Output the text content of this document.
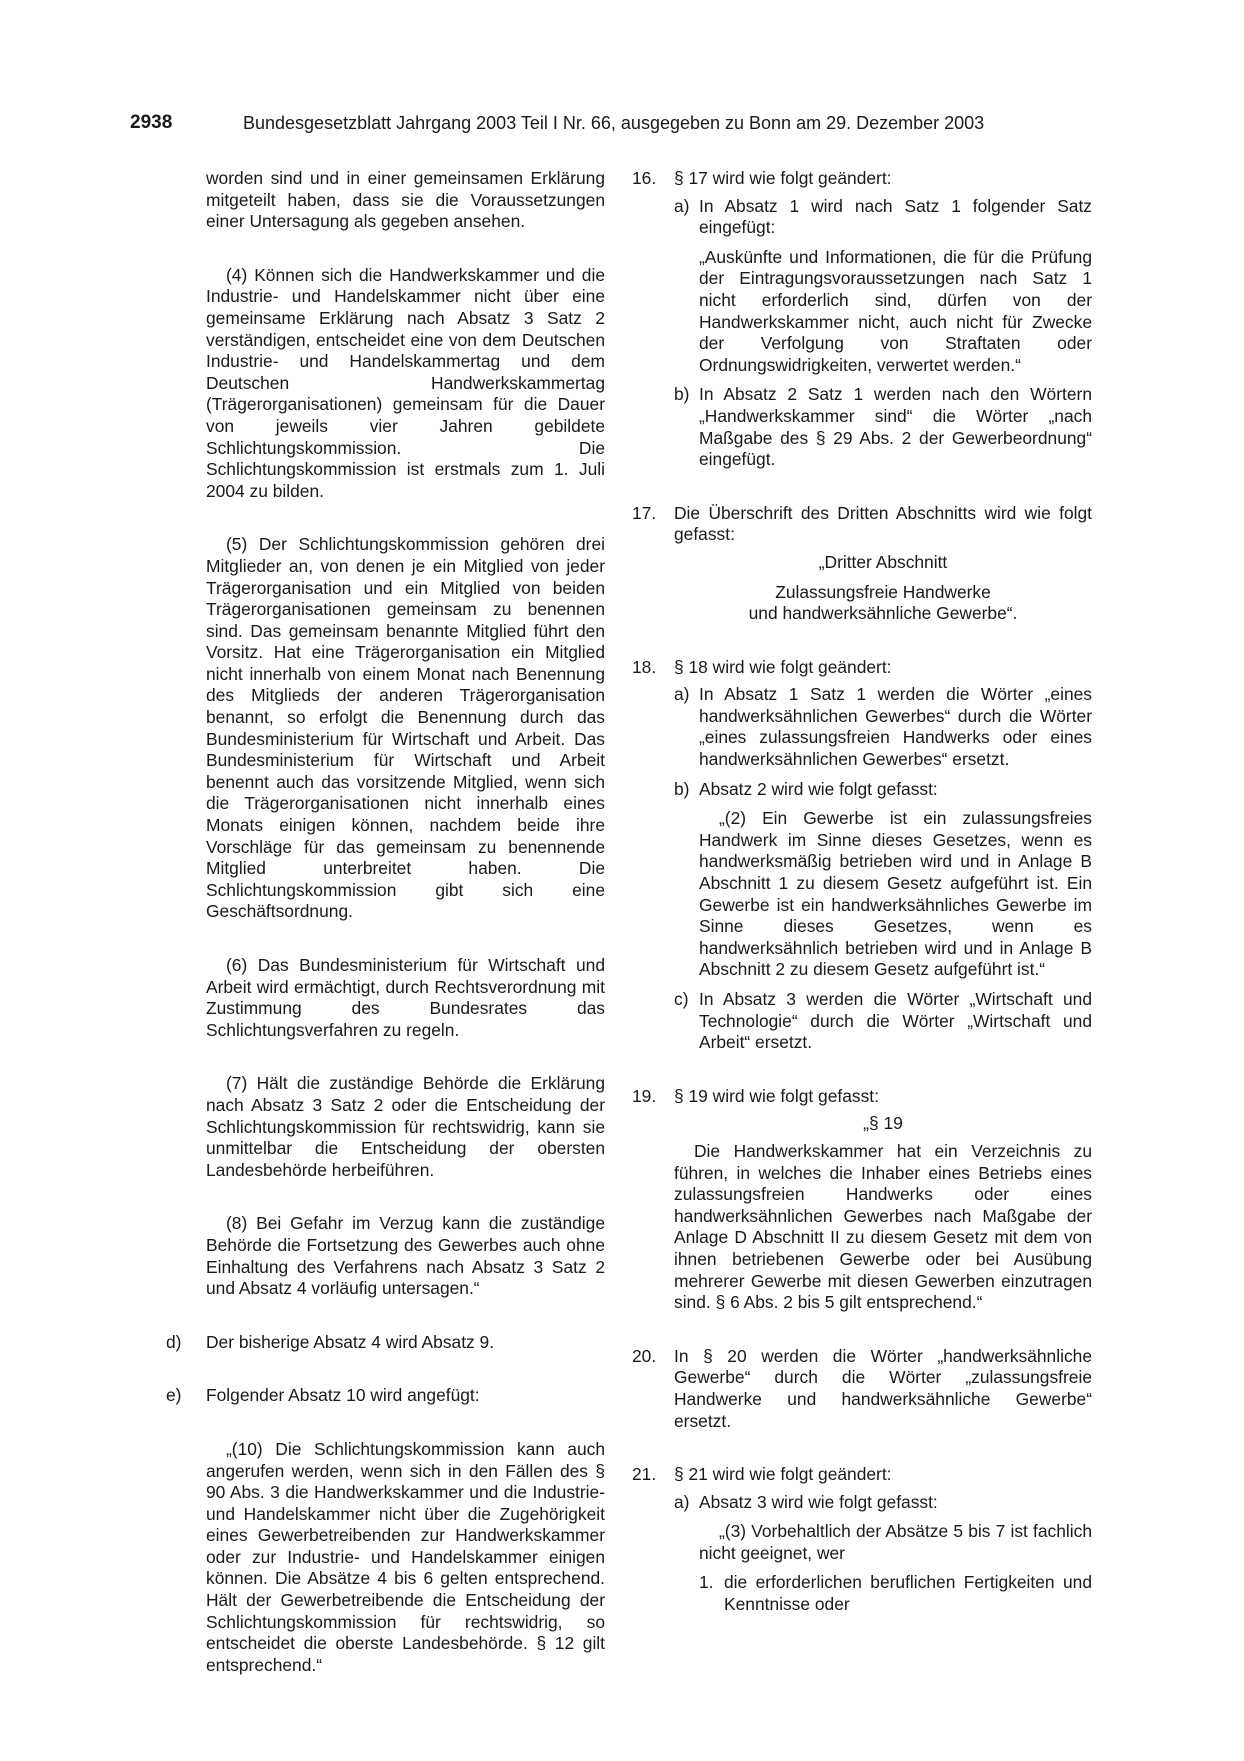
2938	Bundesgesetzblatt Jahrgang 2003 Teil I Nr. 66, ausgegeben zu Bonn am 29. Dezember 2003

worden sind und in einer gemeinsamen Erklärung mitgeteilt haben, dass sie die Voraussetzungen einer Untersagung als gegeben ansehen.

(4) Können sich die Handwerkskammer und die Industrie- und Handelskammer nicht über eine gemeinsame Erklärung nach Absatz 3 Satz 2 verständigen, entscheidet eine von dem Deutschen Industrie- und Handelskammertag und dem Deutschen Handwerkskammertag (Trägerorganisationen) gemeinsam für die Dauer von jeweils vier Jahren gebildete Schlichtungskommission. Die Schlichtungskommission ist erstmals zum 1. Juli 2004 zu bilden.

(5) Der Schlichtungskommission gehören drei Mitglieder an, von denen je ein Mitglied von jeder Trägerorganisation und ein Mitglied von beiden Trägerorganisationen gemeinsam zu benennen sind. Das gemeinsam benannte Mitglied führt den Vorsitz. Hat eine Trägerorganisation ein Mitglied nicht innerhalb von einem Monat nach Benennung des Mitglieds der anderen Trägerorganisation benannt, so erfolgt die Benennung durch das Bundesministerium für Wirtschaft und Arbeit. Das Bundesministerium für Wirtschaft und Arbeit benennt auch das vorsitzende Mitglied, wenn sich die Trägerorganisationen nicht innerhalb eines Monats einigen können, nachdem beide ihre Vorschläge für das gemeinsam zu benennende Mitglied unterbreitet haben. Die Schlichtungskommission gibt sich eine Geschäftsordnung.

(6) Das Bundesministerium für Wirtschaft und Arbeit wird ermächtigt, durch Rechtsverordnung mit Zustimmung des Bundesrates das Schlichtungsverfahren zu regeln.

(7) Hält die zuständige Behörde die Erklärung nach Absatz 3 Satz 2 oder die Entscheidung der Schlichtungskommission für rechtswidrig, kann sie unmittelbar die Entscheidung der obersten Landesbehörde herbeiführen.

(8) Bei Gefahr im Verzug kann die zuständige Behörde die Fortsetzung des Gewerbes auch ohne Einhaltung des Verfahrens nach Absatz 3 Satz 2 und Absatz 4 vorläufig untersagen.“

d)	Der bisherige Absatz 4 wird Absatz 9.
e)	Folgender Absatz 10 wird angefügt:

„(10) Die Schlichtungskommission kann auch angerufen werden, wenn sich in den Fällen des § 90 Abs. 3 die Handwerkskammer und die Industrie- und Handelskammer nicht über die Zugehörigkeit eines Gewerbetreibenden zur Handwerkskammer oder zur Industrie- und Handelskammer einigen können. Die Absätze 4 bis 6 gelten entsprechend. Hält der Gewerbetreibende die Entscheidung der Schlichtungskommission für rechtswidrig, so entscheidet die oberste Landesbehörde. § 12 gilt entsprechend.“

16.	§ 17 wird wie folgt geändert:
a) In Absatz 1 wird nach Satz 1 folgender Satz eingefügt:

„Auskünfte und Informationen, die für die Prüfung der Eintragungsvoraussetzungen nach Satz 1 nicht erforderlich sind, dürfen von der Handwerkskammer nicht, auch nicht für Zwecke der Verfolgung von Straftaten oder Ordnungswidrigkeiten, verwertet werden.“

b) In Absatz 2 Satz 1 werden nach den Wörtern „Handwerkskammer sind“ die Wörter „nach Maßgabe des § 29 Abs. 2 der Gewerbeordnung“ eingefügt.
17.	Die Überschrift des Dritten Abschnitts wird wie folgt gefasst:
„Dritter Abschnitt
Zulassungsfreie Handwerke
und handwerksähnliche Gewerbe“.
18.	§ 18 wird wie folgt geändert:
a) In Absatz 1 Satz 1 werden die Wörter „eines handwerksähnlichen Gewerbes“ durch die Wörter „eines zulassungsfreien Handwerks oder eines handwerksähnlichen Gewerbes“ ersetzt.
b) Absatz 2 wird wie folgt gefasst:

„(2) Ein Gewerbe ist ein zulassungsfreies Handwerk im Sinne dieses Gesetzes, wenn es handwerksmäßig betrieben wird und in Anlage B Abschnitt 1 zu diesem Gesetz aufgeführt ist. Ein Gewerbe ist ein handwerksähnliches Gewerbe im Sinne dieses Gesetzes, wenn es handwerksähnlich betrieben wird und in Anlage B Abschnitt 2 zu diesem Gesetz aufgeführt ist.“

c) In Absatz 3 werden die Wörter „Wirtschaft und Technologie“ durch die Wörter „Wirtschaft und Arbeit“ ersetzt.
19.	§ 19 wird wie folgt gefasst:
„§ 19

Die Handwerkskammer hat ein Verzeichnis zu führen, in welches die Inhaber eines Betriebs eines zulassungsfreien Handwerks oder eines handwerksähnlichen Gewerbes nach Maßgabe der Anlage D Abschnitt II zu diesem Gesetz mit dem von ihnen betriebenen Gewerbe oder bei Ausübung mehrerer Gewerbe mit diesen Gewerben einzutragen sind. § 6 Abs. 2 bis 5 gilt entsprechend.“

20.	In § 20 werden die Wörter „handwerksähnliche Gewerbe“ durch die Wörter „zulassungsfreie Handwerke und handwerksähnliche Gewerbe“ ersetzt.
21.	§ 21 wird wie folgt geändert:
a) Absatz 3 wird wie folgt gefasst:

„(3) Vorbehaltlich der Absätze 5 bis 7 ist fachlich nicht geeignet, wer

1. die erforderlichen beruflichen Fertigkeiten und Kenntnisse oder
